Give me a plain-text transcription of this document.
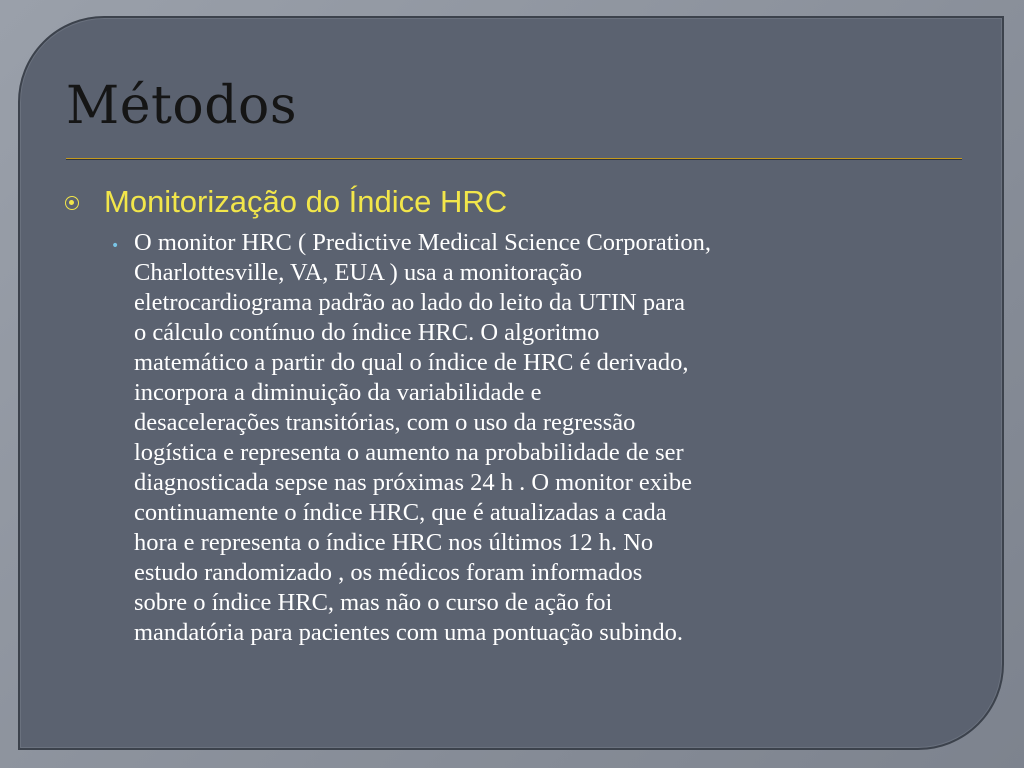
Métodos
Monitorização do Índice HRC
• O monitor HRC ( Predictive Medical Science Corporation,
Charlottesville, VA, EUA ) usa a monitoração
eletrocardiograma padrão ao lado do leito da UTIN para
o cálculo contínuo do índice HRC. O algoritmo
matemático a partir do qual o índice de HRC é derivado,
incorpora a diminuição da variabilidade e
desacelerações transitórias, com o uso da regressão
logística e representa o aumento na probabilidade de ser
diagnosticada sepse nas próximas 24 h . O monitor exibe
continuamente o índice HRC, que é atualizadas a cada
hora e representa o índice HRC nos últimos 12 h. No
estudo randomizado , os médicos foram informados
sobre o índice HRC, mas não o curso de ação foi
mandatória para pacientes com uma pontuação subindo.
